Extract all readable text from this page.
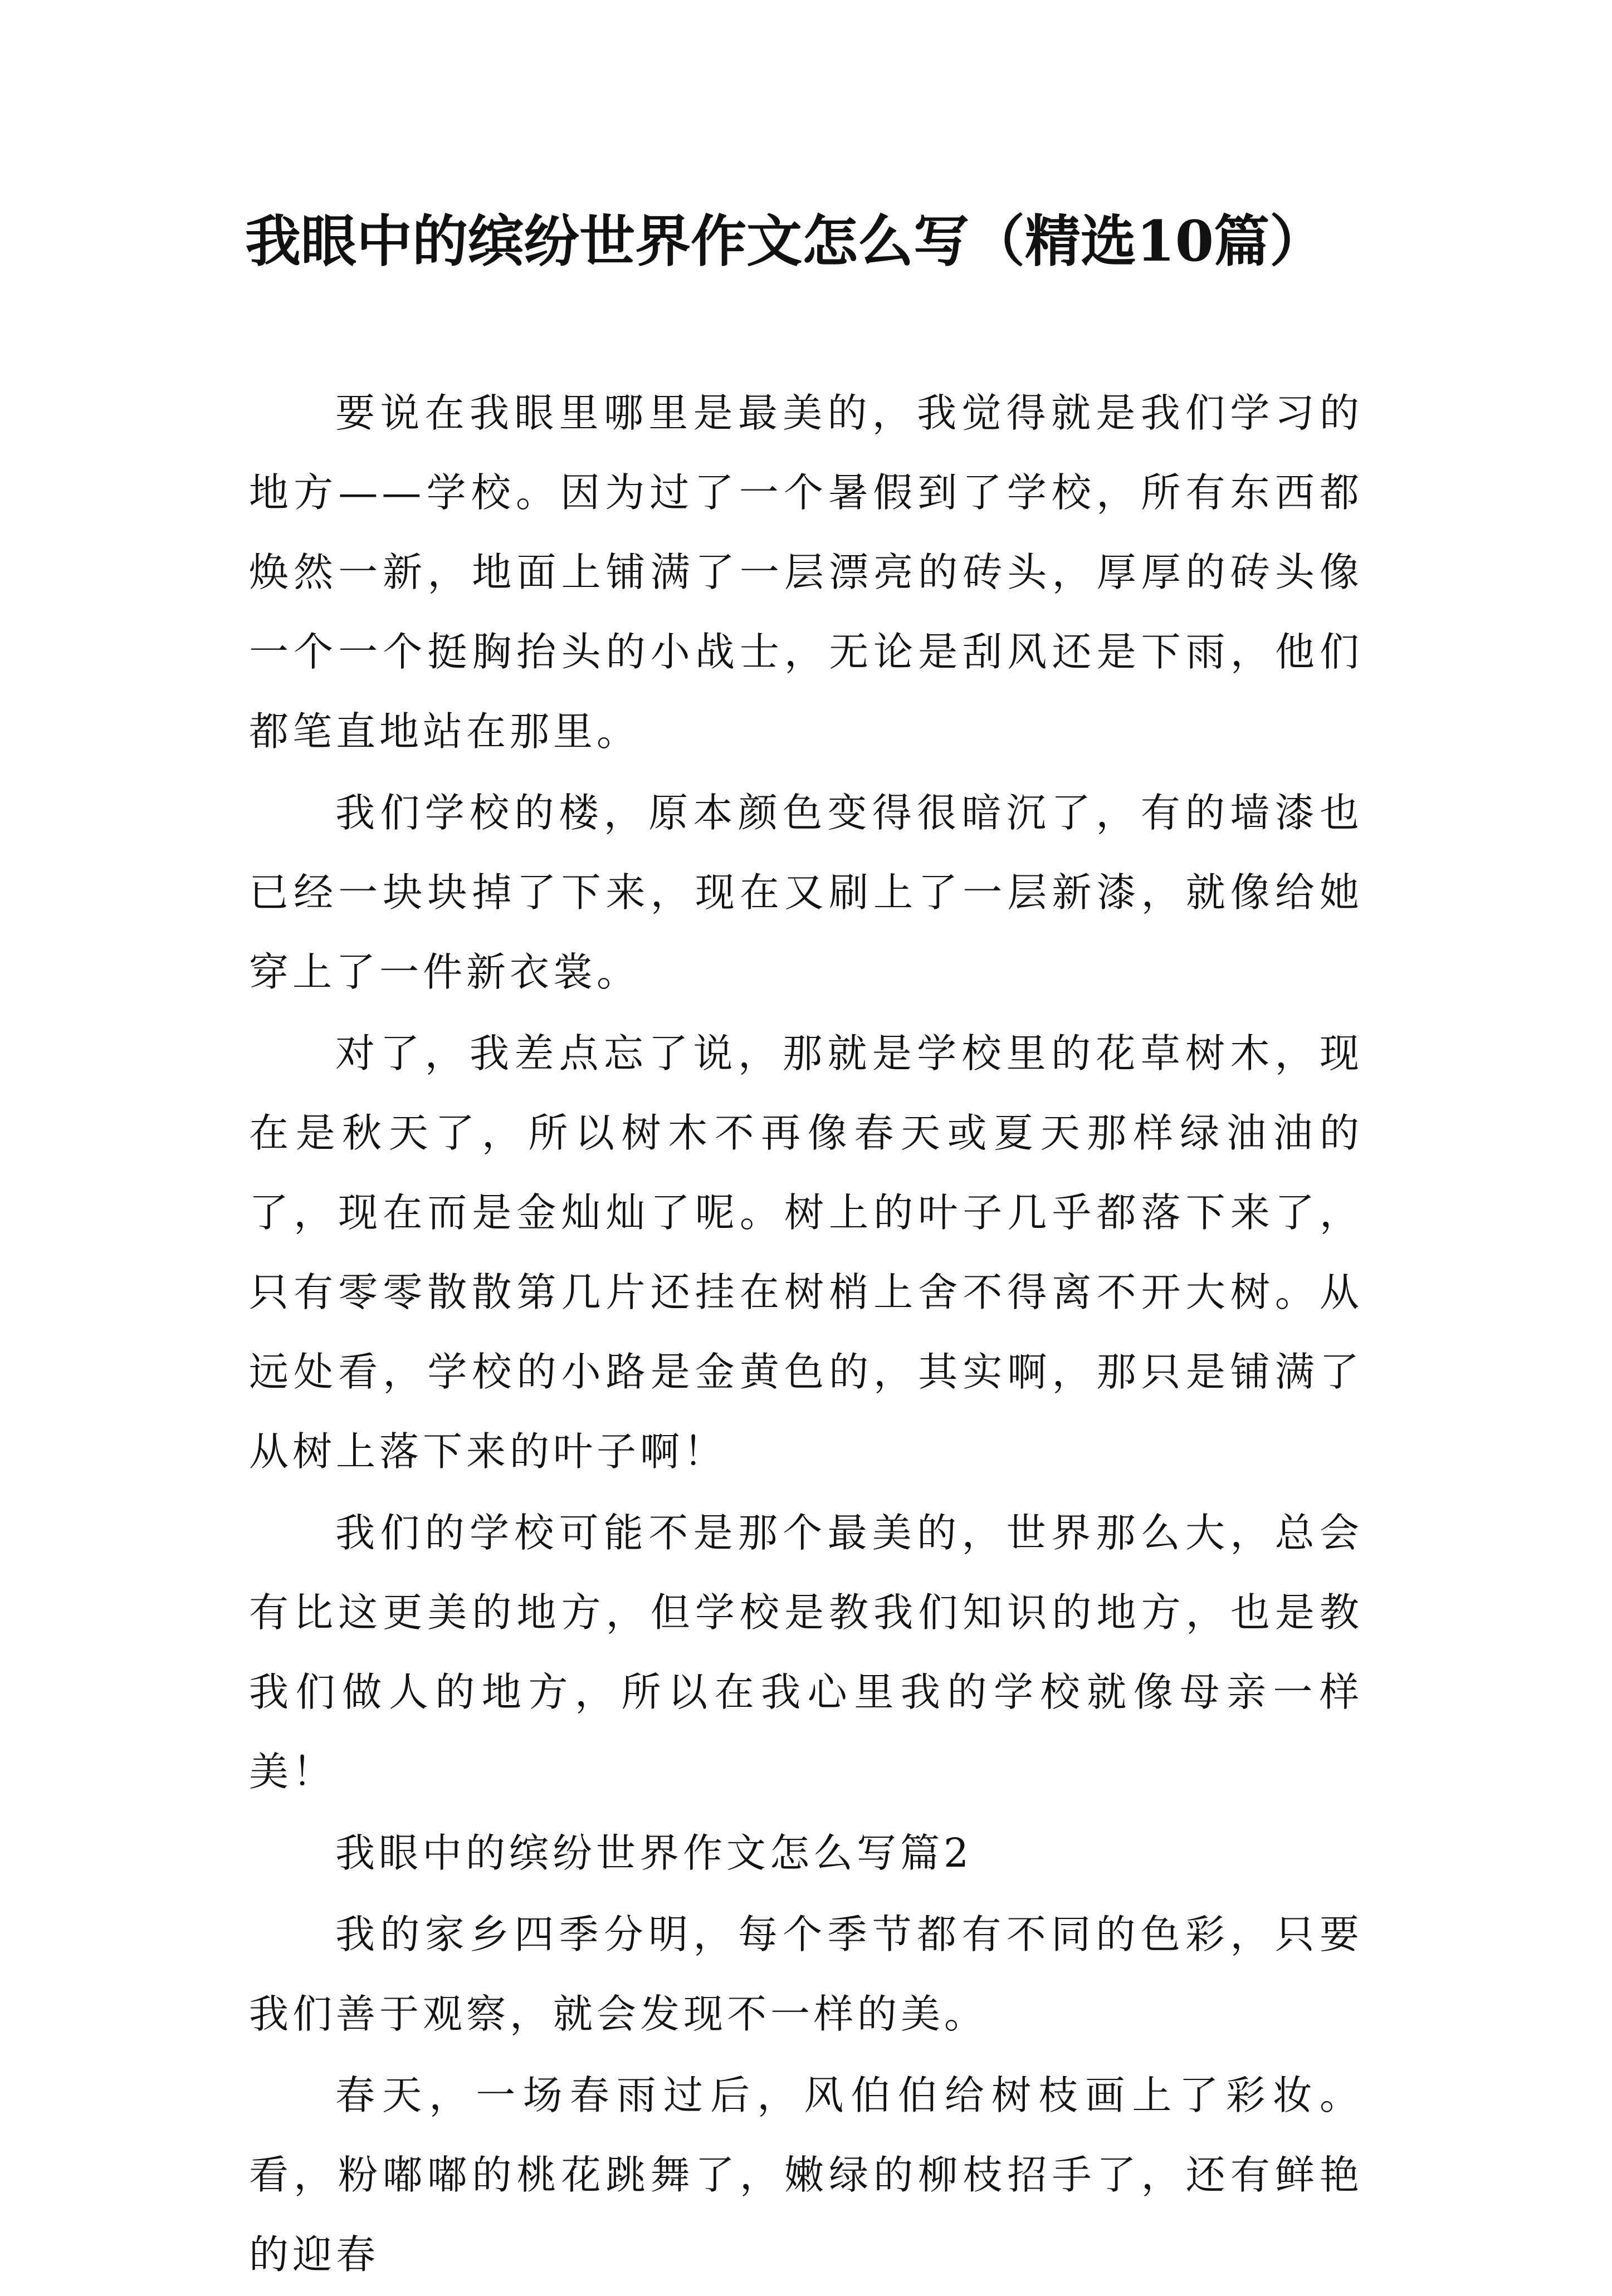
我眼中的缤纷世界作文怎么写（精选10篇）

要说在我眼里哪里是最美的，我觉得就是我们学习的地方——学校。因为过了一个暑假到了学校，所有东西都焕然一新，地面上铺满了一层漂亮的砖头，厚厚的砖头像一个一个挺胸抬头的小战士，无论是刮风还是下雨，他们都笔直地站在那里。

我们学校的楼，原本颜色变得很暗沉了，有的墙漆也已经一块块掉了下来，现在又刷上了一层新漆，就像给她穿上了一件新衣裳。

对了，我差点忘了说，那就是学校里的花草树木，现在是秋天了，所以树木不再像春天或夏天那样绿油油的了，现在而是金灿灿了呢。树上的叶子几乎都落下来了，只有零零散散第几片还挂在树梢上舍不得离不开大树。从远处看，学校的小路是金黄色的，其实啊，那只是铺满了从树上落下来的叶子啊！

我们的学校可能不是那个最美的，世界那么大，总会有比这更美的地方，但学校是教我们知识的地方，也是教我们做人的地方，所以在我心里我的学校就像母亲一样美！

我眼中的缤纷世界作文怎么写篇2

我的家乡四季分明，每个季节都有不同的色彩，只要我们善于观察，就会发现不一样的美。

春天，一场春雨过后，风伯伯给树枝画上了彩妆。看，粉嘟嘟的桃花跳舞了，嫩绿的柳枝招手了，还有鲜艳的迎春
